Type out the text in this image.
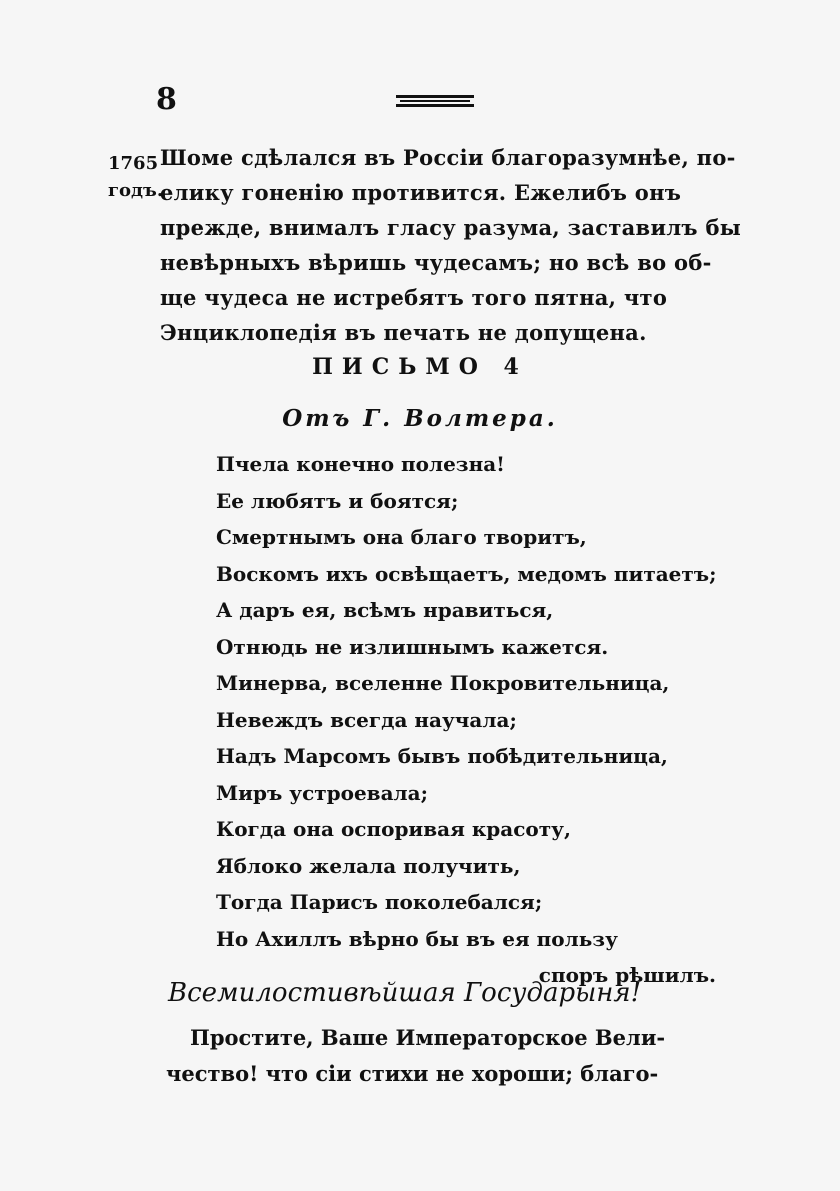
8
1765
годъ.
Шоме сдѣлался въ Россіи благоразумнѣе, по-
елику гоненію противится. Ежелибъ онъ
прежде, внималъ гласу разума, заставилъ бы
невѣрныхъ вѣришь чудесамъ; но всѣ во об-
ще чудеса не истребятъ того пятна, что
Энциклопедія въ печать не допущена.
ПИСЬМО 4
Отъ Г. Волтера.
Пчела конечно полезна!
Ее любятъ и боятся;
Смертнымъ она благо творитъ,
Воскомъ ихъ освѣщаетъ, медомъ питаетъ;
А даръ ея, всѣмъ нравиться,
Отнюдь не излишнымъ кажется.
Минерва, вселенне Покровительница,
Невеждъ всегда научала;
Надъ Марсомъ бывъ побѣдительница,
Миръ устроевала;
Когда она оспоривая красоту,
Яблоко желала получить,
Тогда Парисъ поколебался;
Но Ахиллъ вѣрно бы въ ея пользу
споръ рѣшилъ.
Всемилостивѣйшая Государыня!
Простите, Ваше Императорское Вели-
чество! что сіи стихи не хороши; благо-
